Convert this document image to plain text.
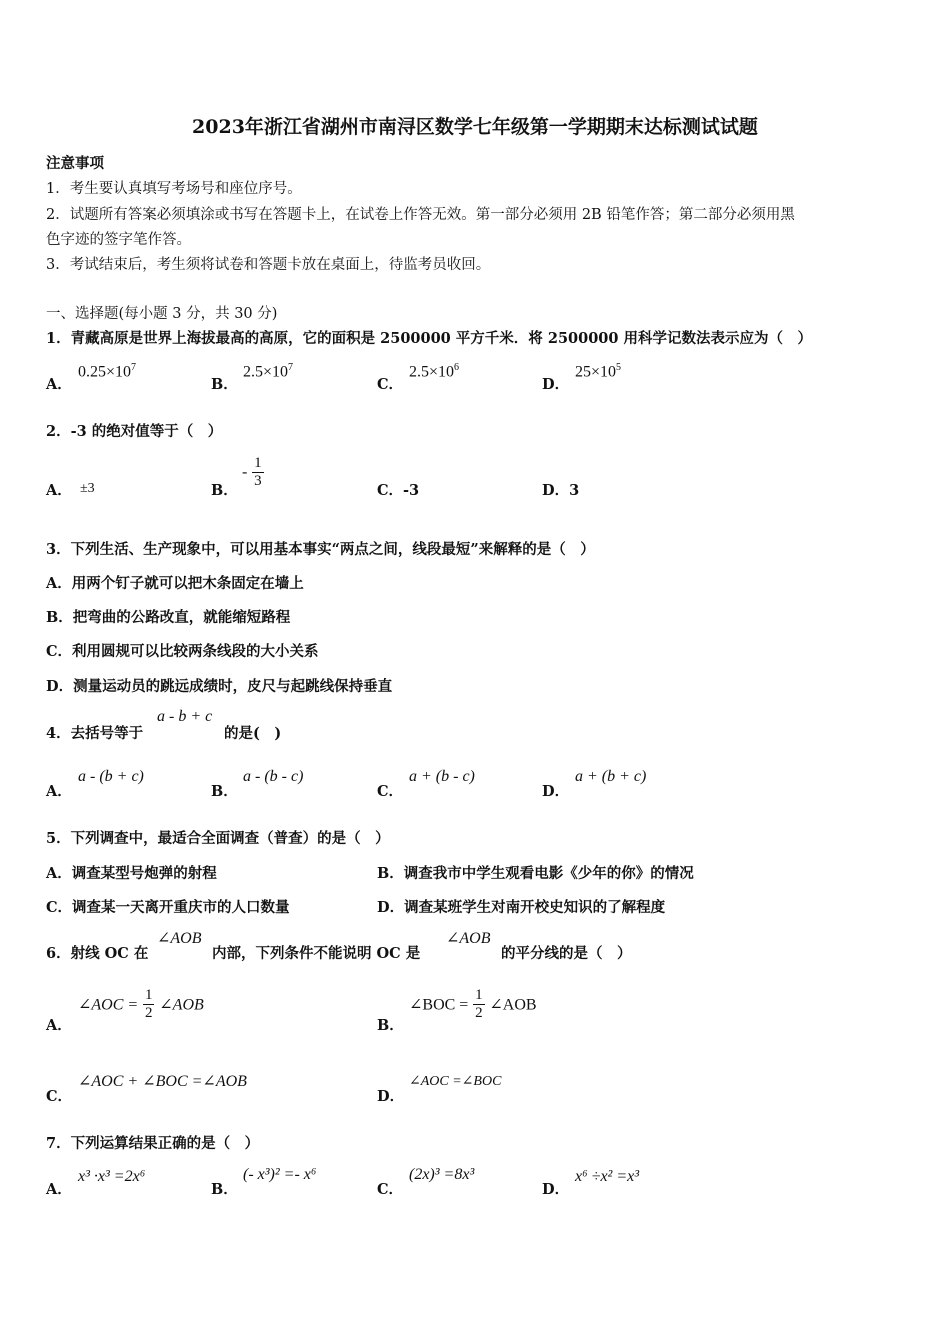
2023年浙江省湖州市南浔区数学七年级第一学期期末达标测试试题
注意事项
1．考生要认真填写考场号和座位序号。
2．试题所有答案必须填涂或书写在答题卡上，在试卷上作答无效。第一部分必须用 2B 铅笔作答；第二部分必须用黑
色字迹的签字笔作答。
3．考试结束后，考生须将试卷和答题卡放在桌面上，待监考员收回。
一、选择题(每小题 3 分，共 30 分)
1．青藏高原是世界上海拔最高的高原，它的面积是 2500000 平方千米．将 2500000 用科学记数法表示应为（　）
A．
$0.25\times 10^7$
B．
$2.5\times 10^7$
C．
$2.5\times 10^6$
D．
$25\times 10^5$
2．-3 的绝对值等于（　）
A． ±3	B．
- $\frac{1}{3}$
C．-3	D．3
3．下列生活、生产现象中，可以用基本事实“两点之间，线段最短”来解释的是（　）
A．用两个钉子就可以把木条固定在墙上
B．把弯曲的公路改直，就能缩短路程
C．利用圆规可以比较两条线段的大小关系
D．测量运动员的跳远成绩时，皮尺与起跳线保持垂直
4．去括号等于
a - b + c
的是(　)
A．
a - (b + c)
B．
a - (b - c)
C．
a + (b - c)
D．
a + (b + c)
5．下列调查中，最适合全面调查（普查）的是（　）
A．调查某型号炮弹的射程	B．调查我市中学生观看电影《少年的你》的情况
C．调查某一天离开重庆市的人口数量	D．调查某班学生对南开校史知识的了解程度
6．射线 OC 在
∠AOB
内部，下列条件不能说明 OC 是
∠AOB
的平分线的是（　）
A．
∠AOC = $\frac{1}{2}$ ∠AOB
B．
∠BOC = $\frac{1}{2}$ ∠AOB
C．
∠AOC + ∠BOC =∠AOB
D．
∠AOC =∠BOC
7．下列运算结果正确的是（　）
A．
x³ ·x³ =2x⁶
B．
(- x³)² =- x⁶
C．
(2x)³ =8x³
D．
x⁶ ÷x² =x³
